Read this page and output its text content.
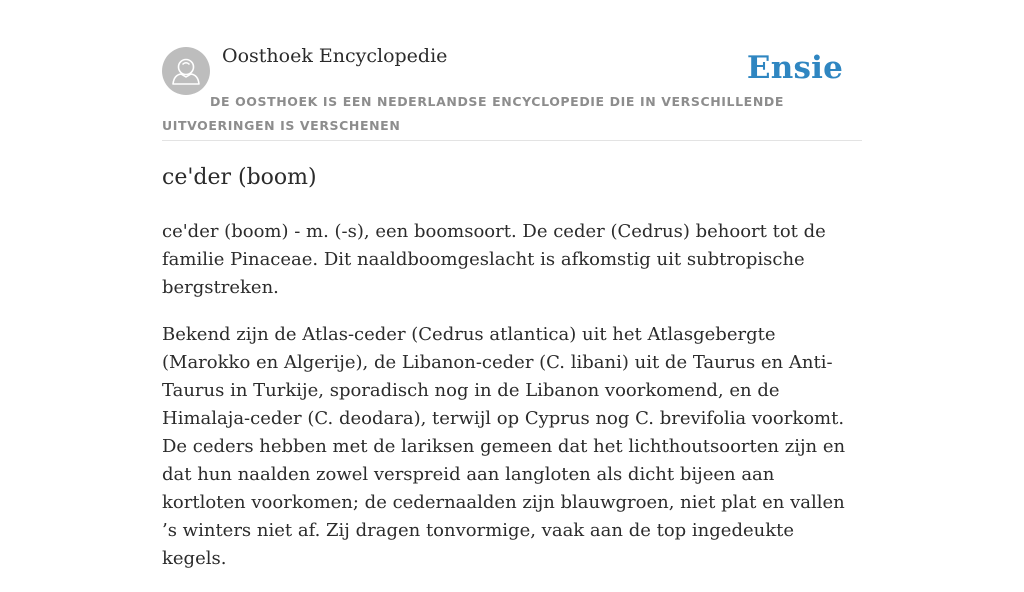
Oosthoek Encyclopedie	Ensie
DE OOSTHOEK IS EEN NEDERLANDSE ENCYCLOPEDIE DIE IN VERSCHILLENDE UITVOERINGEN IS VERSCHENEN
ce'der (boom)

ce'der (boom) - m. (-s), een boomsoort. De ceder (Cedrus) behoort tot de familie Pinaceae. Dit naaldboomgeslacht is afkomstig uit subtropische bergstreken.

Bekend zijn de Atlas-ceder (Cedrus atlantica) uit het Atlasgebergte (Marokko en Algerije), de Libanon-ceder (C. libani) uit de Taurus en Anti-Taurus in Turkije, sporadisch nog in de Libanon voorkomend, en de Himalaja-ceder (C. deodara), terwijl op Cyprus nog C. brevifolia voorkomt. De ceders hebben met de lariksen gemeen dat het lichthoutsoorten zijn en dat hun naalden zowel verspreid aan langloten als dicht bijeen aan kortloten voorkomen; de cedernaalden zijn blauwgroen, niet plat en vallen ’s winters niet af. Zij dragen tonvormige, vaak aan de top ingedeukte kegels.
